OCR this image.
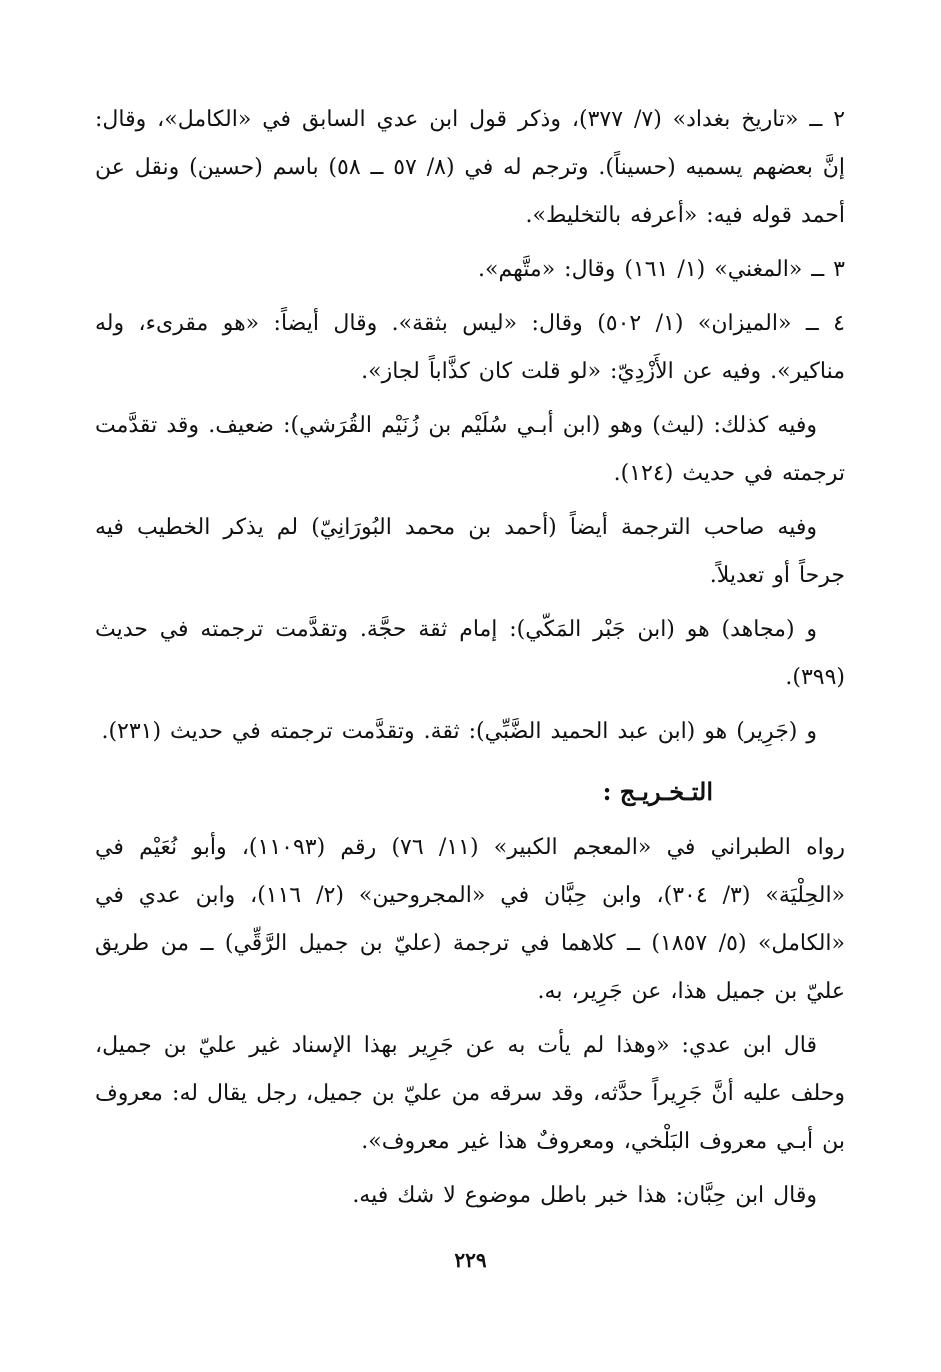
٢ ــ «تاريخ بغداد» (٧/ ٣٧٧)، وذكر قول ابن عدي السابق في «الكامل»، وقال: إنَّ بعضهم يسميه (حسيناً). وترجم له في (٨/ ٥٧ ــ ٥٨) باسم (حسين) ونقل عن أحمد قوله فيه: «أعرفه بالتخليط».

٣ ــ «المغني» (١/ ١٦١) وقال: «متَّهم».

٤ ــ «الميزان» (١/ ٥٠٢) وقال: «ليس بثقة». وقال أيضاً: «هو مقرىء، وله مناكير». وفيه عن الأَزْدِيّ: «لو قلت كان كذَّاباً لجاز».

وفيه كذلك: (ليث) وهو (ابن أبـي سُلَيْم بن زُنَيْم القُرَشي): ضعيف. وقد تقدَّمت ترجمته في حديث (١٢٤).

وفيه صاحب الترجمة أيضاً (أحمد بن محمد البُورَانِيّ) لم يذكر الخطيب فيه جرحاً أو تعديلاً.

و (مجاهد) هو (ابن جَبْر المَكّي): إمام ثقة حجَّة. وتقدَّمت ترجمته في حديث (٣٩٩).

و (جَرِير) هو (ابن عبد الحميد الضَّبِّي): ثقة. وتقدَّمت ترجمته في حديث (٢٣١).

التـخـريـج :

رواه الطبراني في «المعجم الكبير» (١١/ ٧٦) رقم (١١٠٩٣)، وأبو نُعَيْم في «الحِلْيَة» (٣/ ٣٠٤)، وابن حِبَّان في «المجروحين» (٢/ ١١٦)، وابن عدي في «الكامل» (٥/ ١٨٥٧) ــ كلاهما في ترجمة (عليّ بن جميل الرَّقِّي) ــ من طريق عليّ بن جميل هذا، عن جَرِير، به.

قال ابن عدي: «وهذا لم يأت به عن جَرِير بهذا الإسناد غير عليّ بن جميل، وحلف عليه أنَّ جَرِيراً حدَّثه، وقد سرقه من عليّ بن جميل، رجل يقال له: معروف بن أبـي معروف البَلْخي، ومعروفٌ هذا غير معروف».

وقال ابن حِبَّان: هذا خبر باطل موضوع لا شك فيه.

٢٢٩
